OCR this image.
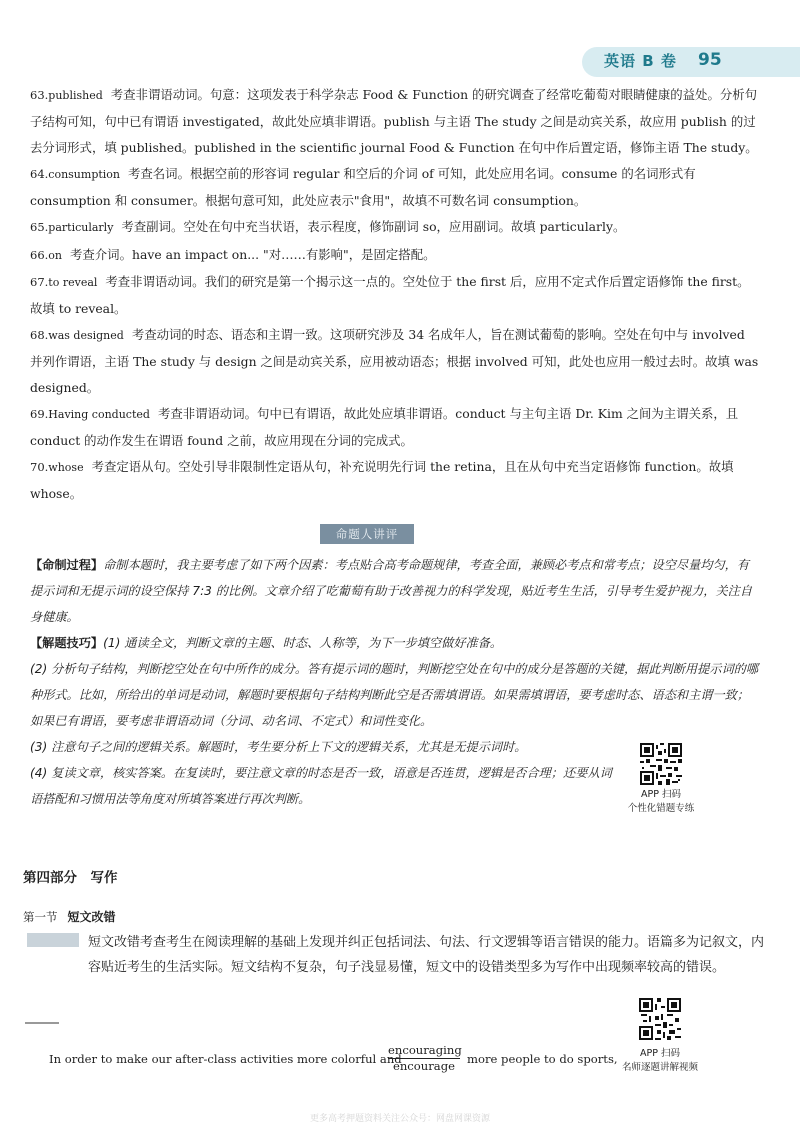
英语 B 卷 95

63.published 考查非谓语动词。句意：这项发表于科学杂志 Food & Function 的研究调查了经常吃葡萄对眼睛健康的益处。分析句子结构可知，句中已有谓语 investigated，故此处应填非谓语。publish 与主语 The study 之间是动宾关系，故应用 publish 的过去分词形式，填 published。published in the scientific journal Food & Function 在句中作后置定语，修饰主语 The study。

64.consumption 考查名词。根据空前的形容词 regular 和空后的介词 of 可知，此处应用名词。consume 的名词形式有 consumption 和 consumer。根据句意可知，此处应表示"食用"，故填不可数名词 consumption。

65.particularly 考查副词。空处在句中充当状语，表示程度，修饰副词 so，应用副词。故填 particularly。

66.on 考查介词。have an impact on... "对……有影响"，是固定搭配。

67.to reveal 考查非谓语动词。我们的研究是第一个揭示这一点的。空处位于 the first 后，应用不定式作后置定语修饰 the first。故填 to reveal。

68.was designed 考查动词的时态、语态和主谓一致。这项研究涉及 34 名成年人，旨在测试葡萄的影响。空处在句中与 involved 并列作谓语，主语 The study 与 design 之间是动宾关系，应用被动语态；根据 involved 可知，此处也应用一般过去时。故填 was designed。

69.Having conducted 考查非谓语动词。句中已有谓语，故此处应填非谓语。conduct 与主句主语 Dr. Kim 之间为主谓关系，且 conduct 的动作发生在谓语 found 之前，故应用现在分词的完成式。

70.whose 考查定语从句。空处引导非限制性定语从句，补充说明先行词 the retina，且在从句中充当定语修饰 function。故填 whose。

命题人讲评

【命制过程】命制本题时，我主要考虑了如下两个因素：考点贴合高考命题规律，考查全面，兼顾必考点和常考点；设空尽量均匀，有提示词和无提示词的设空保持 7:3 的比例。文章介绍了吃葡萄有助于改善视力的科学发现，贴近考生生活，引导考生爱护视力，关注自身健康。

【解题技巧】(1) 通读全文，判断文章的主题、时态、人称等，为下一步填空做好准备。

(2) 分析句子结构，判断挖空处在句中所作的成分。答有提示词的题时，判断挖空处在句中的成分是答题的关键，据此判断用提示词的哪种形式。比如，所给出的单词是动词，解题时要根据句子结构判断此空是否需填谓语。如果需填谓语，要考虑时态、语态和主谓一致；如果已有谓语，要考虑非谓语动词（分词、动名词、不定式）和词性变化。

(3) 注意句子之间的逻辑关系。解题时，考生要分析上下文的逻辑关系，尤其是无提示词时。

(4) 复读文章，核实答案。在复读时，要注意文章的时态是否一致，语意是否连贯，逻辑是否合理；还要从词语搭配和习惯用法等角度对所填答案进行再次判断。	APP 扫码
个性化错题专练
第四部分　写作
第一节 短文改错

短文改错考查考生在阅读理解的基础上发现并纠正包括词法、句法、行文逻辑等语言错误的能力。语篇多为记叙文，内容贴近考生的生活实际。短文结构不复杂，句子浅显易懂，短文中的设错类型多为写作中出现频率较高的错误。

In order to make our after-class activities more colorful and
encouraging
encourage	more people to do sports,	APP 扫码
名师逐题讲解视频
更多高考押题资料关注公众号：网盘网课资源
